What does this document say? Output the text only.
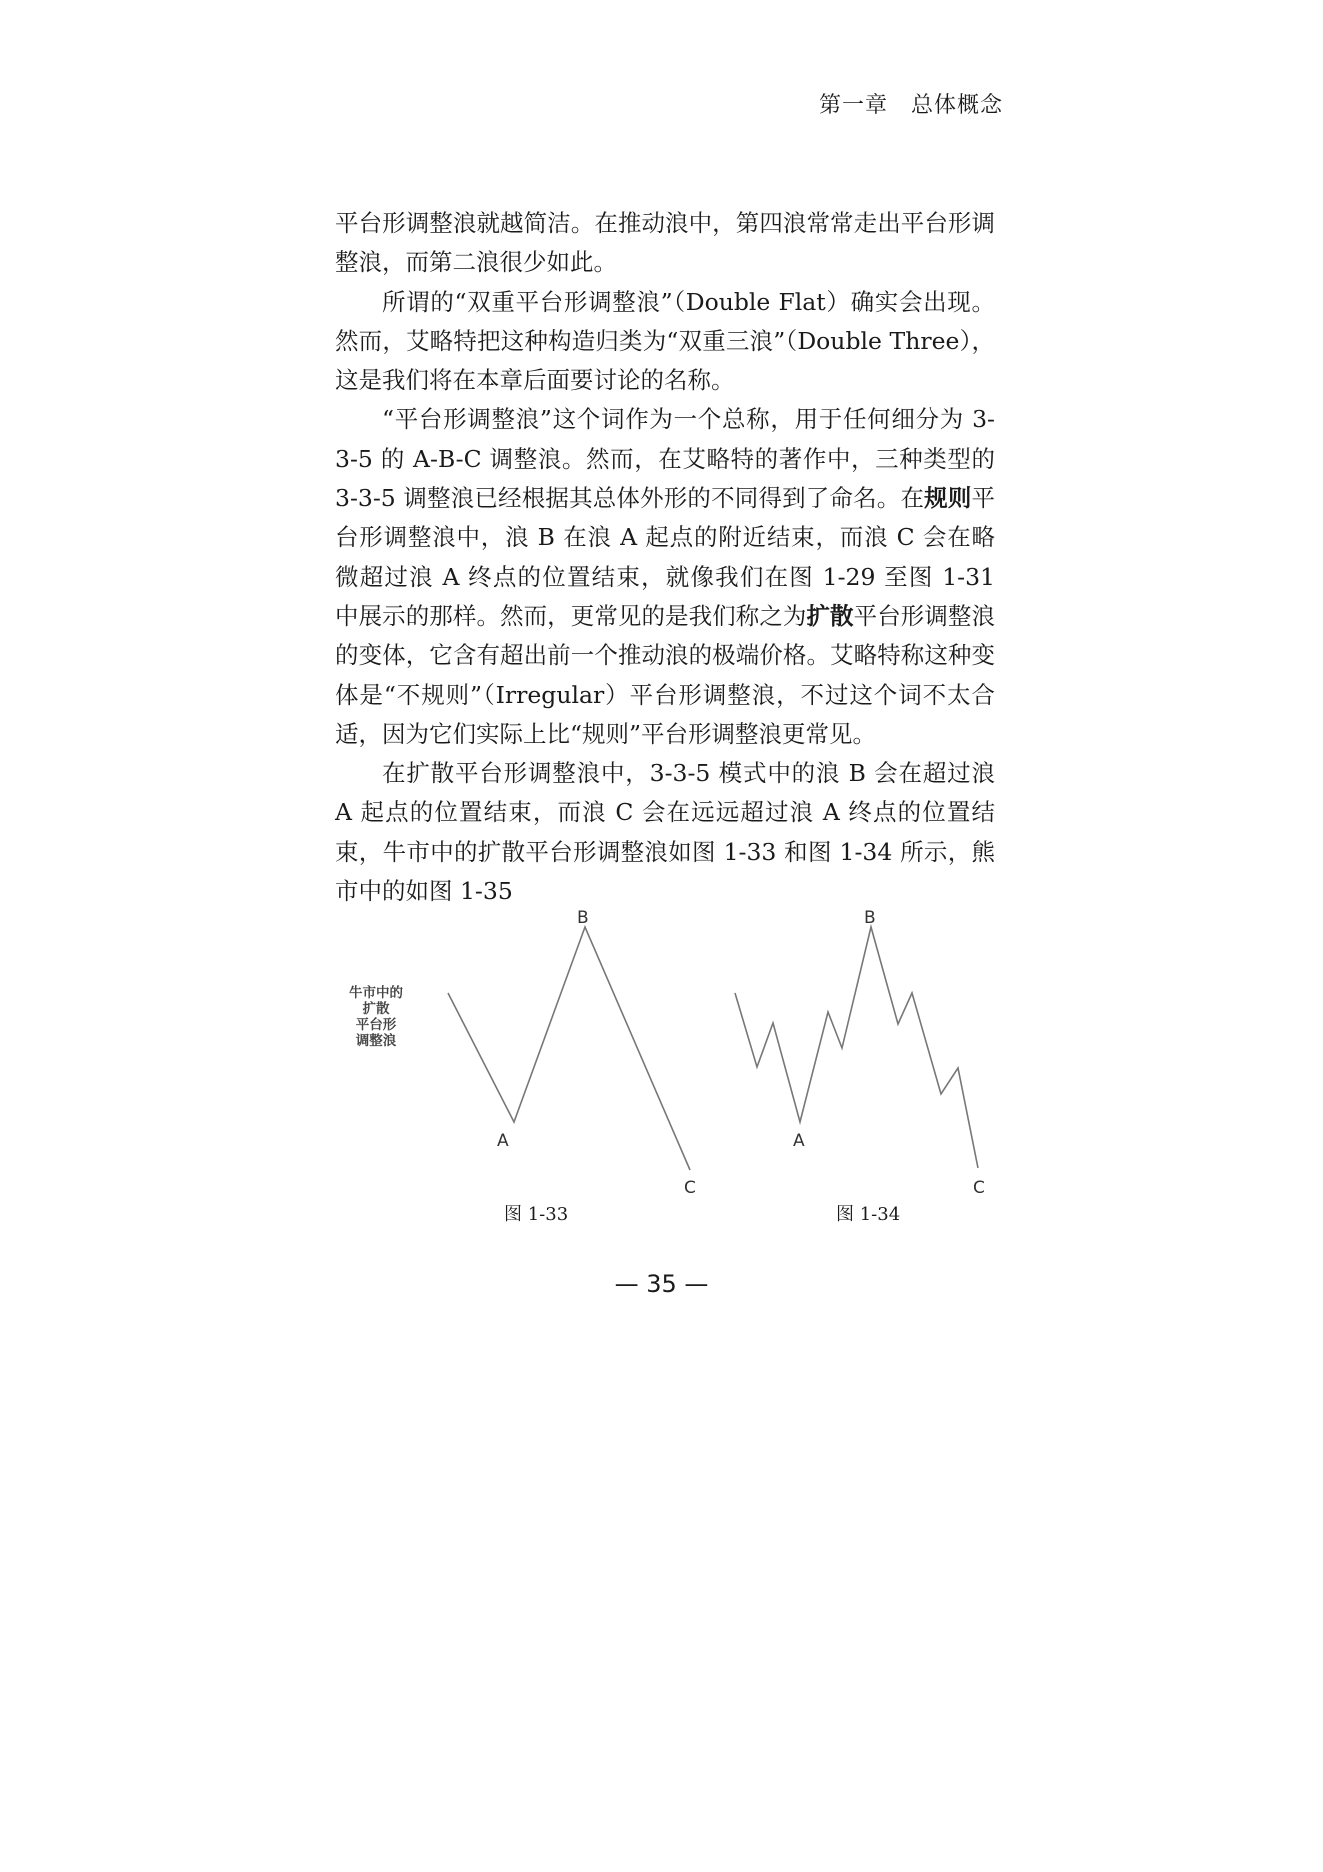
第一章　总体概念

平台形调整浪就越简洁。在推动浪中，第四浪常常走出平台形调整浪，而第二浪很少如此。

所谓的“双重平台形调整浪”（Double Flat）确实会出现。然而，艾略特把这种构造归类为“双重三浪”（Double Three），这是我们将在本章后面要讨论的名称。

“平台形调整浪”这个词作为一个总称，用于任何细分为 3-3-5 的 A-B-C 调整浪。然而，在艾略特的著作中，三种类型的 3-3-5 调整浪已经根据其总体外形的不同得到了命名。在规则平台形调整浪中，浪 B 在浪 A 起点的附近结束，而浪 C 会在略微超过浪 A 终点的位置结束，就像我们在图 1-29 至图 1-31 中展示的那样。然而，更常见的是我们称之为扩散平台形调整浪的变体，它含有超出前一个推动浪的极端价格。艾略特称这种变体是“不规则”（Irregular）平台形调整浪，不过这个词不太合适，因为它们实际上比“规则”平台形调整浪更常见。

在扩散平台形调整浪中，3-3-5 模式中的浪 B 会在超过浪 A 起点的位置结束，而浪 C 会在远远超过浪 A 终点的位置结束，牛市中的扩散平台形调整浪如图 1-33 和图 1-34 所示，熊市中的如图 1-35

牛市中的
扩散
平台形
调整浪
B
A
C
B
A
C
图 1-33	图 1-34
— 35 —
